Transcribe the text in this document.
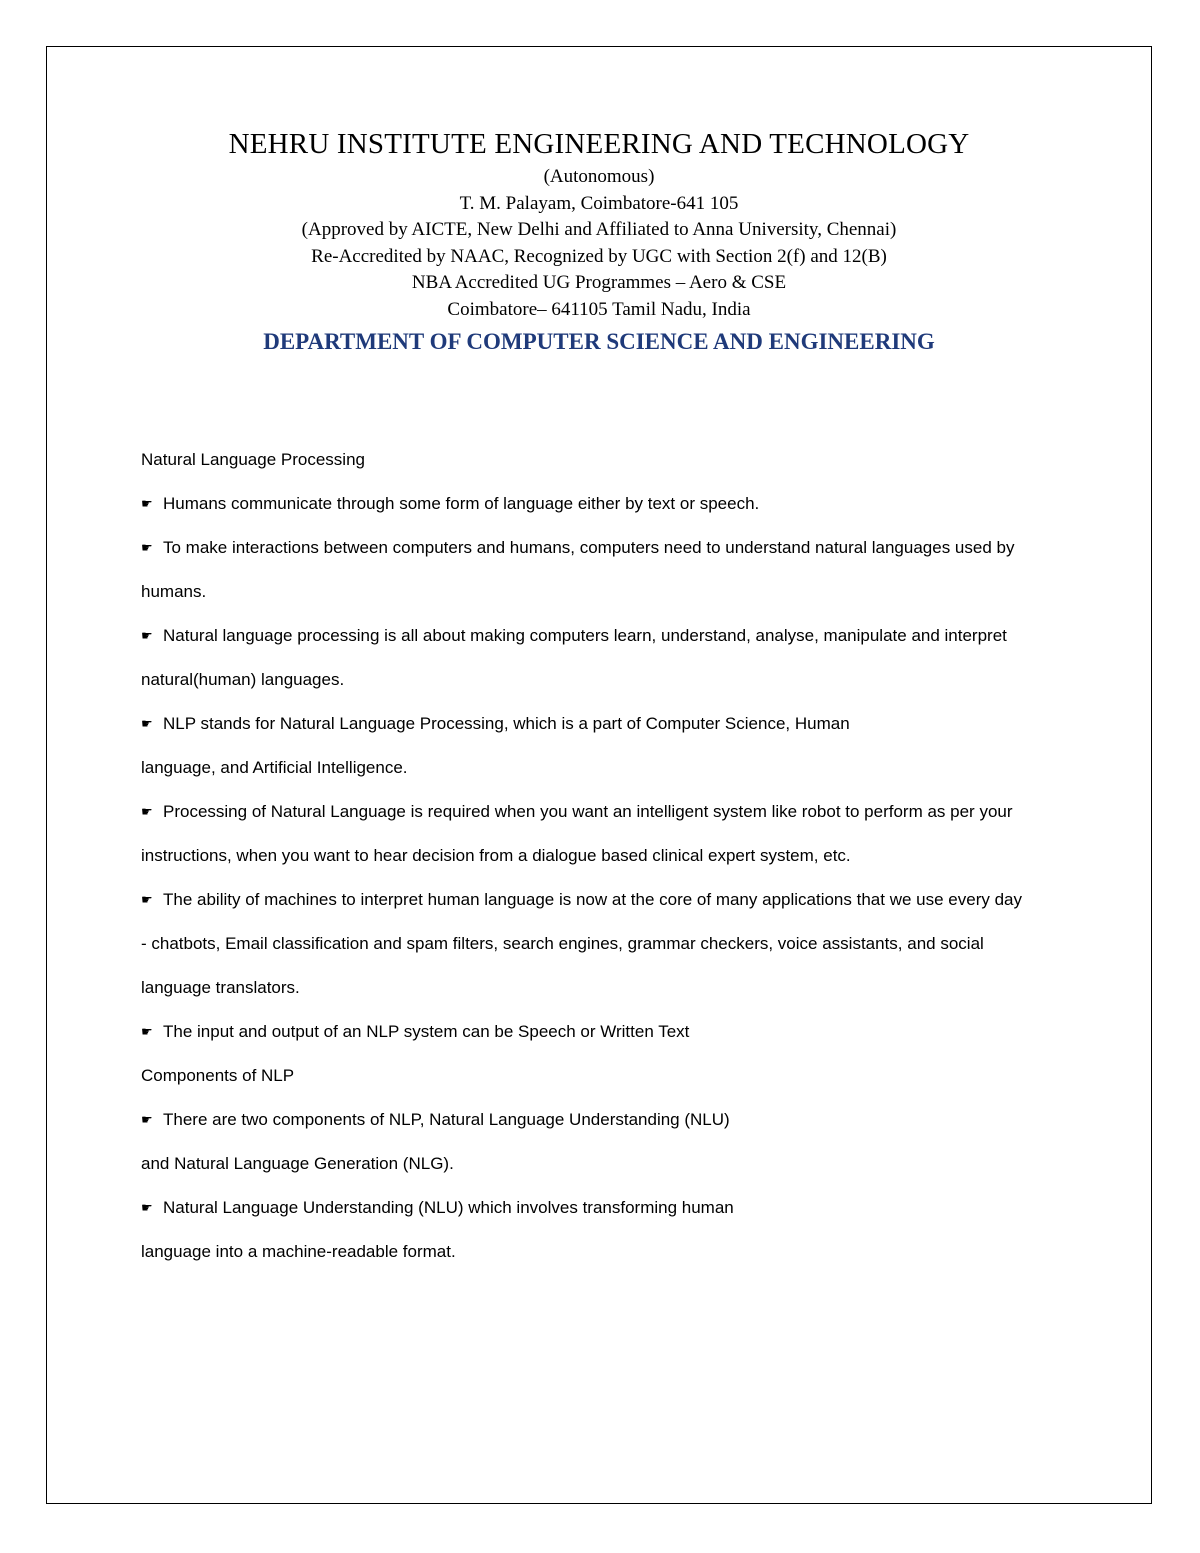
NEHRU INSTITUTE ENGINEERING AND TECHNOLOGY

(Autonomous)

T. M. Palayam, Coimbatore-641 105

(Approved by AICTE, New Delhi and Affiliated to Anna University, Chennai)

Re-Accredited by NAAC, Recognized by UGC with Section 2(f) and 12(B)

NBA Accredited UG Programmes – Aero & CSE

Coimbatore– 641105 Tamil Nadu, India

DEPARTMENT OF COMPUTER SCIENCE AND ENGINEERING

Natural Language Processing

☛ Humans communicate through some form of language either by text or speech.

☛ To make interactions between computers and humans, computers need to understand natural languages used by

humans.

☛ Natural language processing is all about making computers learn, understand, analyse, manipulate and interpret

natural(human) languages.

☛ NLP stands for Natural Language Processing, which is a part of Computer Science, Human

language, and Artificial Intelligence.

☛ Processing of Natural Language is required when you want an intelligent system like robot to perform as per your

instructions, when you want to hear decision from a dialogue based clinical expert system, etc.

☛ The ability of machines to interpret human language is now at the core of many applications that we use every day

- chatbots, Email classification and spam filters, search engines, grammar checkers, voice assistants, and social

language translators.

☛ The input and output of an NLP system can be Speech or Written Text

Components of NLP

☛ There are two components of NLP, Natural Language Understanding (NLU)

and Natural Language Generation (NLG).

☛ Natural Language Understanding (NLU) which involves transforming human

language into a machine-readable format.
